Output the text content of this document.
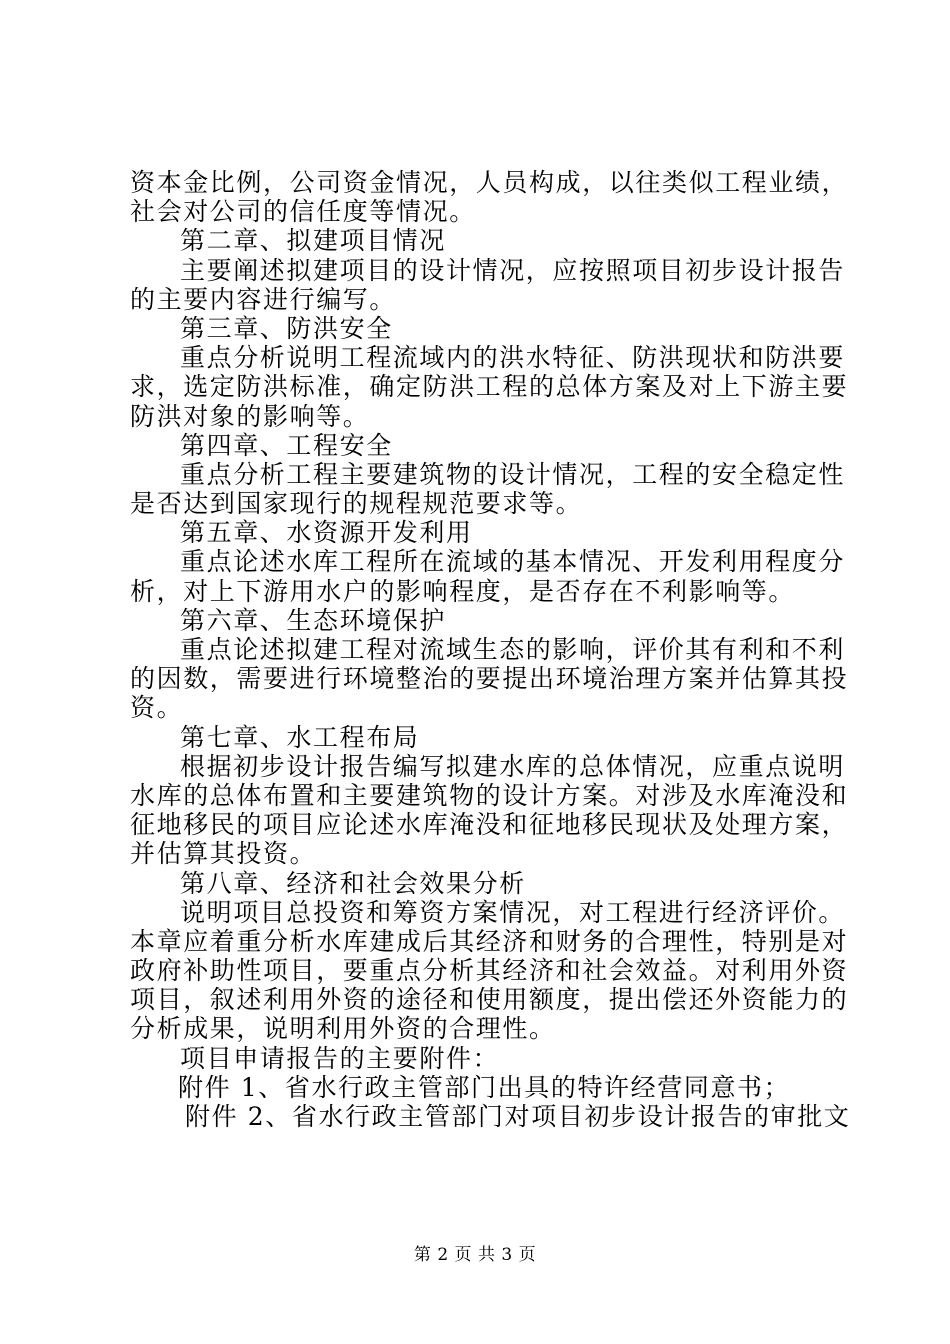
资本金比例，公司资金情况，人员构成，以往类似工程业绩，
社会对公司的信任度等情况。
第二章、拟建项目情况
主要阐述拟建项目的设计情况，应按照项目初步设计报告
的主要内容进行编写。
第三章、防洪安全
重点分析说明工程流域内的洪水特征、防洪现状和防洪要
求，选定防洪标准，确定防洪工程的总体方案及对上下游主要
防洪对象的影响等。
第四章、工程安全
重点分析工程主要建筑物的设计情况，工程的安全稳定性
是否达到国家现行的规程规范要求等。
第五章、水资源开发利用
重点论述水库工程所在流域的基本情况、开发利用程度分
析，对上下游用水户的影响程度，是否存在不利影响等。
第六章、生态环境保护
重点论述拟建工程对流域生态的影响，评价其有利和不利
的因数，需要进行环境整治的要提出环境治理方案并估算其投
资。
第七章、水工程布局
根据初步设计报告编写拟建水库的总体情况，应重点说明
水库的总体布置和主要建筑物的设计方案。对涉及水库淹没和
征地移民的项目应论述水库淹没和征地移民现状及处理方案，
并估算其投资。
第八章、经济和社会效果分析
说明项目总投资和筹资方案情况，对工程进行经济评价。
本章应着重分析水库建成后其经济和财务的合理性，特别是对
政府补助性项目，要重点分析其经济和社会效益。对利用外资
项目，叙述利用外资的途径和使用额度，提出偿还外资能力的
分析成果，说明利用外资的合理性。
项目申请报告的主要附件：
附件 1、省水行政主管部门出具的特许经营同意书；
附件 2、省水行政主管部门对项目初步设计报告的审批文
第 2 页 共 3 页
